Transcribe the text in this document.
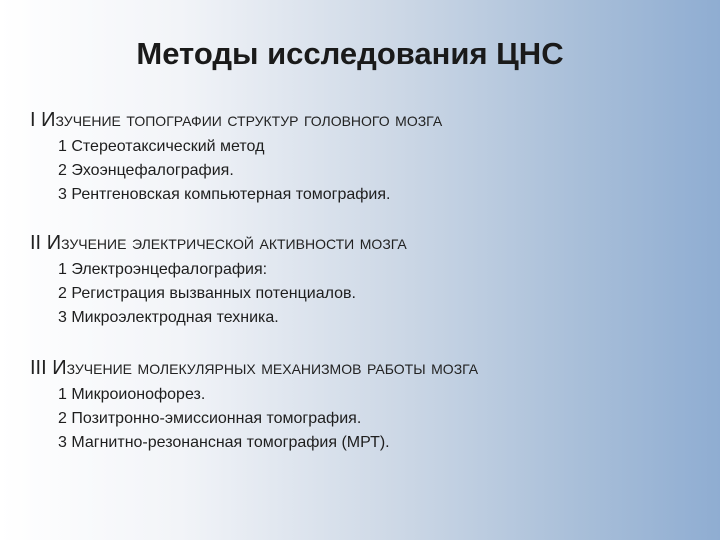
Методы исследования ЦНС
I Изучение топографии структур головного мозга
1 Стереотаксический метод
2 Эхоэнцефалография.
3 Рентгеновская компьютерная томография.
II Изучение электрической активности мозга
1 Электроэнцефалография:
2 Регистрация вызванных потенциалов.
3 Микроэлектродная техника.
III Изучение молекулярных механизмов работы мозга
1 Микроионофорез.
2 Позитронно-эмиссионная томография.
3 Магнитно-резонансная томография (МРТ).
